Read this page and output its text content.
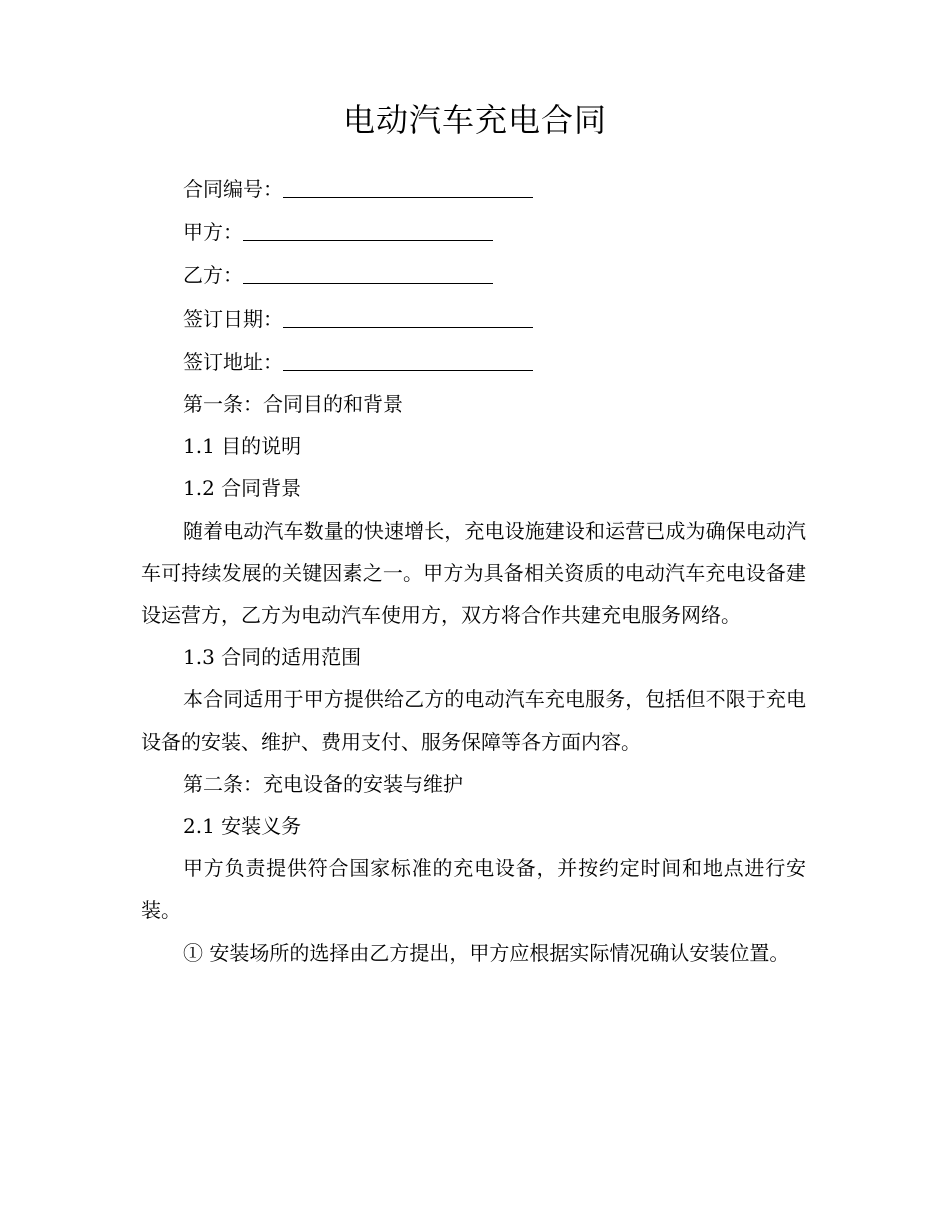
电动汽车充电合同
合同编号：
甲方：
乙方：
签订日期：
签订地址：
第一条：合同目的和背景
1.1 目的说明
1.2 合同背景

随着电动汽车数量的快速增长，充电设施建设和运营已成为确保电动汽车可持续发展的关键因素之一。甲方为具备相关资质的电动汽车充电设备建设运营方，乙方为电动汽车使用方，双方将合作共建充电服务网络。

1.3 合同的适用范围

本合同适用于甲方提供给乙方的电动汽车充电服务，包括但不限于充电设备的安装、维护、费用支付、服务保障等各方面内容。

第二条：充电设备的安装与维护
2.1 安装义务

甲方负责提供符合国家标准的充电设备，并按约定时间和地点进行安装。

① 安装场所的选择由乙方提出，甲方应根据实际情况确认安装位置。
